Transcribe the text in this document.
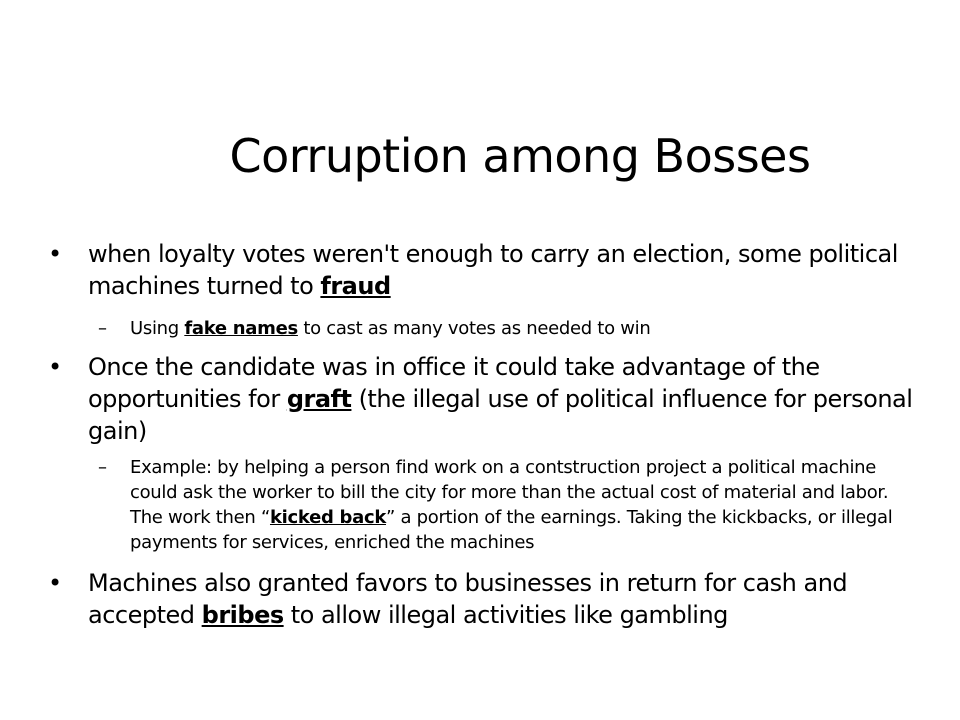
Corruption among Bosses

•	when loyalty votes weren't enough to carry an election, some political machines turned to fraud

– Using fake names to cast as many votes as needed to win

•	Once the candidate was in office it could take advantage of the opportunities for graft (the illegal use of political influence for personal gain)

– Example: by helping a person find work on a contstruction project a political machine could ask the worker to bill the city for more than the actual cost of material and labor. The work then “kicked back” a portion of the earnings. Taking the kickbacks, or illegal payments for services, enriched the machines

•	Machines also granted favors to businesses in return for cash and accepted bribes to allow illegal activities like gambling
